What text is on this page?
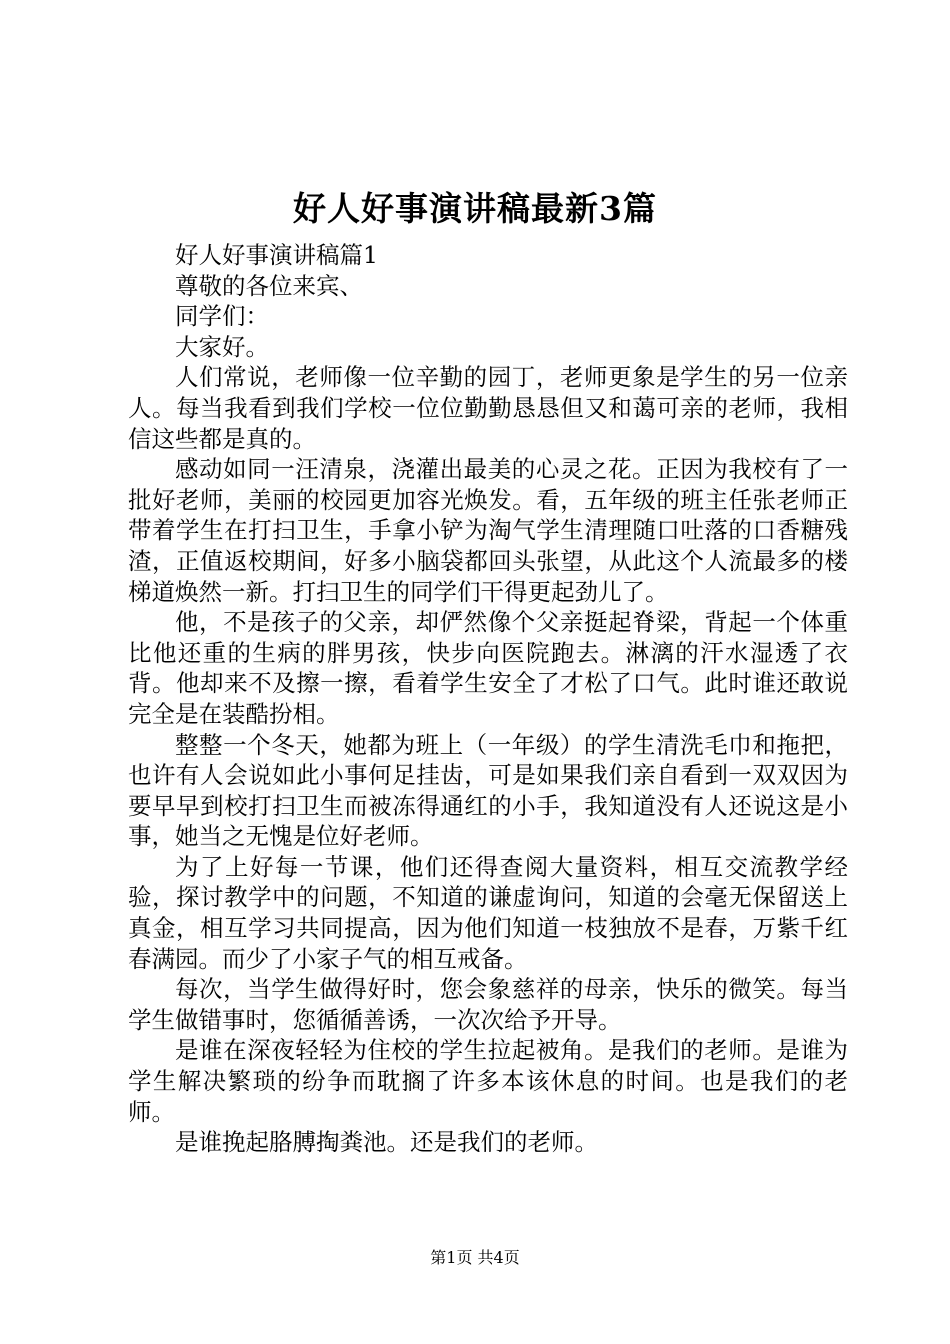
好人好事演讲稿最新3篇

好人好事演讲稿篇1

尊敬的各位来宾、

同学们：

大家好。

人们常说，老师像一位辛勤的园丁，老师更象是学生的另一位亲人。每当我看到我们学校一位位勤勤恳恳但又和蔼可亲的老师，我相信这些都是真的。

感动如同一汪清泉，浇灌出最美的心灵之花。正因为我校有了一批好老师，美丽的校园更加容光焕发。看，五年级的班主任张老师正带着学生在打扫卫生，手拿小铲为淘气学生清理随口吐落的口香糖残渣，正值返校期间，好多小脑袋都回头张望，从此这个人流最多的楼梯道焕然一新。打扫卫生的同学们干得更起劲儿了。

他，不是孩子的父亲，却俨然像个父亲挺起脊梁，背起一个体重比他还重的生病的胖男孩，快步向医院跑去。淋漓的汗水湿透了衣背。他却来不及擦一擦，看着学生安全了才松了口气。此时谁还敢说完全是在装酷扮相。

整整一个冬天，她都为班上（一年级）的学生清洗毛巾和拖把，也许有人会说如此小事何足挂齿，可是如果我们亲自看到一双双因为要早早到校打扫卫生而被冻得通红的小手，我知道没有人还说这是小事，她当之无愧是位好老师。

为了上好每一节课，他们还得查阅大量资料，相互交流教学经验，探讨教学中的问题，不知道的谦虚询问，知道的会毫无保留送上真金，相互学习共同提高，因为他们知道一枝独放不是春，万紫千红春满园。而少了小家子气的相互戒备。

每次，当学生做得好时，您会象慈祥的母亲，快乐的微笑。每当学生做错事时，您循循善诱，一次次给予开导。

是谁在深夜轻轻为住校的学生拉起被角。是我们的老师。是谁为学生解决繁琐的纷争而耽搁了许多本该休息的时间。也是我们的老师。

是谁挽起胳膊掏粪池。还是我们的老师。

第1页 共4页
